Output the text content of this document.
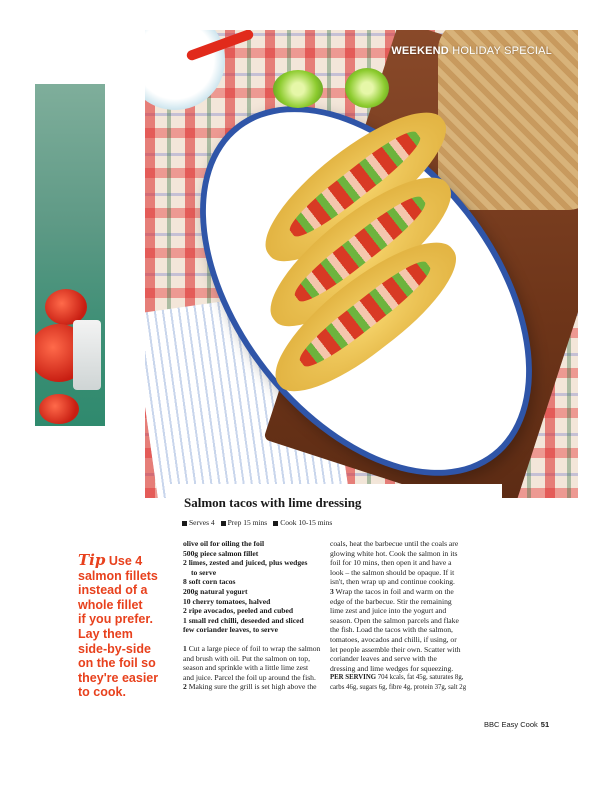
WEEKEND HOLIDAY SPECIAL
Tip Use 4
salmon fillets
instead of a
whole fillet
if you prefer.
Lay them
side-by-side
on the foil so
they're easier
to cook.
Salmon tacos with lime dressing
Serves 4	Prep 15 mins	Cook 10-15 mins

olive oil for oiling the foil

500g piece salmon fillet

2 limes, zested and juiced, plus wedges

to serve

8 soft corn tacos

200g natural yogurt

10 cherry tomatoes, halved

2 ripe avocados, peeled and cubed

1 small red chilli, deseeded and sliced

few coriander leaves, to serve

1 Cut a large piece of foil to wrap the salmon

and brush with oil. Put the salmon on top,

season and sprinkle with a little lime zest

and juice. Parcel the foil up around the fish.

2 Making sure the grill is set high above the

coals, heat the barbecue until the coals are

glowing white hot. Cook the salmon in its

foil for 10 mins, then open it and have a

look – the salmon should be opaque. If it

isn't, then wrap up and continue cooking.

3 Wrap the tacos in foil and warm on the

edge of the barbecue. Stir the remaining

lime zest and juice into the yogurt and

season. Open the salmon parcels and flake

the fish. Load the tacos with the salmon,

tomatoes, avocados and chilli, if using, or

let people assemble their own. Scatter with

coriander leaves and serve with the

dressing and lime wedges for squeezing.

PER SERVING 704 kcals, fat 45g, saturates 8g,

carbs 46g, sugars 6g, fibre 4g, protein 37g, salt 2g

BBC Easy Cook 51
